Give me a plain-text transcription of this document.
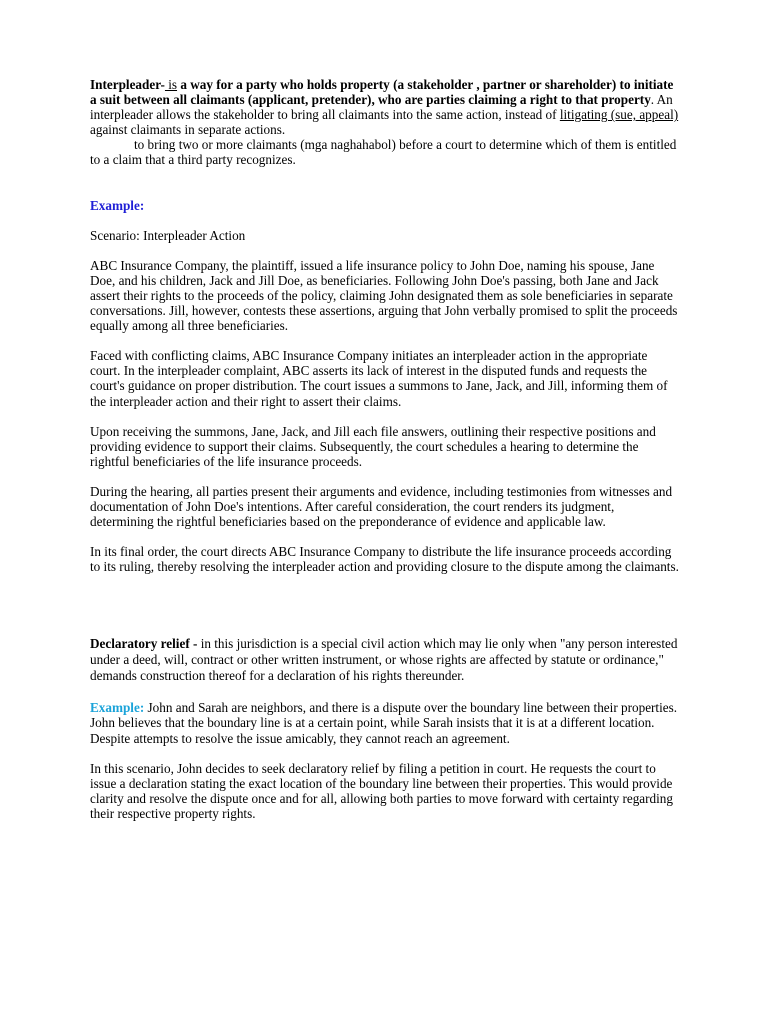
Interpleader- is a way for a party who holds property (a stakeholder , partner or shareholder) to initiate a suit between all claimants (applicant, pretender), who are parties claiming a right to that property. An interpleader allows the stakeholder to bring all claimants into the same action, instead of litigating (sue, appeal) against claimants in separate actions.

to bring two or more claimants (mga naghahabol) before a court to determine which of them is entitled to a claim that a third party recognizes.

Example:

Scenario: Interpleader Action

ABC Insurance Company, the plaintiff, issued a life insurance policy to John Doe, naming his spouse, Jane Doe, and his children, Jack and Jill Doe, as beneficiaries. Following John Doe's passing, both Jane and Jack assert their rights to the proceeds of the policy, claiming John designated them as sole beneficiaries in separate conversations. Jill, however, contests these assertions, arguing that John verbally promised to split the proceeds equally among all three beneficiaries.

Faced with conflicting claims, ABC Insurance Company initiates an interpleader action in the appropriate court. In the interpleader complaint, ABC asserts its lack of interest in the disputed funds and requests the court's guidance on proper distribution. The court issues a summons to Jane, Jack, and Jill, informing them of the interpleader action and their right to assert their claims.

Upon receiving the summons, Jane, Jack, and Jill each file answers, outlining their respective positions and providing evidence to support their claims. Subsequently, the court schedules a hearing to determine the rightful beneficiaries of the life insurance proceeds.

During the hearing, all parties present their arguments and evidence, including testimonies from witnesses and documentation of John Doe's intentions. After careful consideration, the court renders its judgment, determining the rightful beneficiaries based on the preponderance of evidence and applicable law.

In its final order, the court directs ABC Insurance Company to distribute the life insurance proceeds according to its ruling, thereby resolving the interpleader action and providing closure to the dispute among the claimants.

Declaratory relief - in this jurisdiction is a special civil action which may lie only when "any person interested under a deed, will, contract or other written instrument, or whose rights are affected by statute or ordinance," demands construction thereof for a declaration of his rights thereunder.

Example: John and Sarah are neighbors, and there is a dispute over the boundary line between their properties. John believes that the boundary line is at a certain point, while Sarah insists that it is at a different location. Despite attempts to resolve the issue amicably, they cannot reach an agreement.

In this scenario, John decides to seek declaratory relief by filing a petition in court. He requests the court to issue a declaration stating the exact location of the boundary line between their properties. This would provide clarity and resolve the dispute once and for all, allowing both parties to move forward with certainty regarding their respective property rights.
